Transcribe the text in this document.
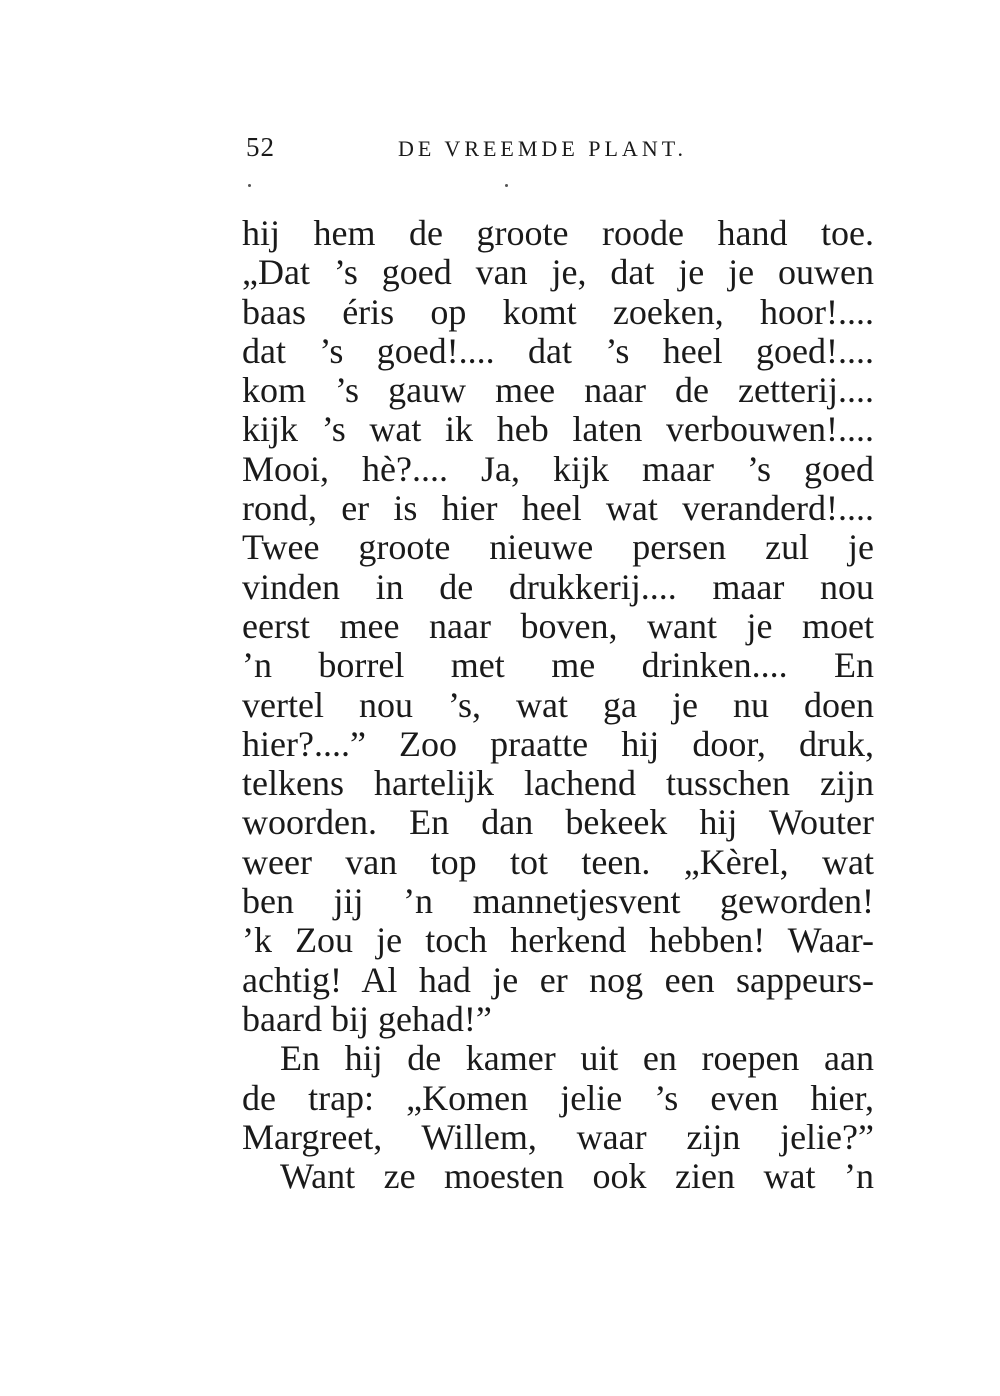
52	DE VREEMDE PLANT.
hij hem de groote roode hand toe.
„Dat ’s goed van je, dat je je ouwen
baas éris op komt zoeken, hoor!....
dat ’s goed!.... dat ’s heel goed!....
kom ’s gauw mee naar de zetterij....
kijk ’s wat ik heb laten verbouwen!....
Mooi, hè?.... Ja, kijk maar ’s goed
rond, er is hier heel wat veranderd!....
Twee groote nieuwe persen zul je
vinden in de drukkerij.... maar nou
eerst mee naar boven, want je moet
’n borrel met me drinken.... En
vertel nou ’s, wat ga je nu doen
hier?....” Zoo praatte hij door, druk,
telkens hartelijk lachend tusschen zijn
woorden. En dan bekeek hij Wouter
weer van top tot teen. „Kèrel, wat
ben jij ’n mannetjesvent geworden!
’k Zou je toch herkend hebben! Waar-
achtig! Al had je er nog een sappeurs-
baard bij gehad!”
En hij de kamer uit en roepen aan
de trap: „Komen jelie ’s even hier,
Margreet, Willem, waar zijn jelie?”
Want ze moesten ook zien wat ’n
